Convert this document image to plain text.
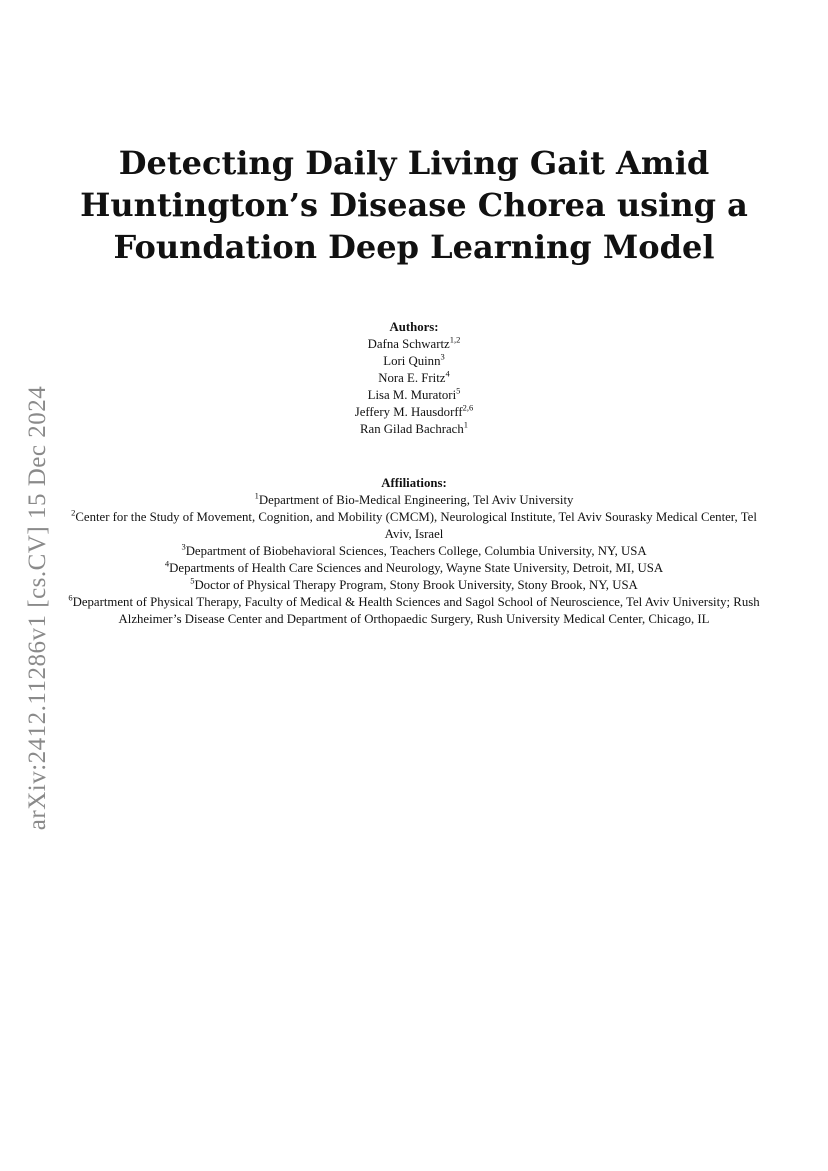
arXiv:2412.11286v1 [cs.CV] 15 Dec 2024
Detecting Daily Living Gait Amid
Huntington’s Disease Chorea using a
Foundation Deep Learning Model
Authors:
Dafna Schwartz$^{1,2}$
Lori Quinn$^3$
Nora E. Fritz$^4$
Lisa M. Muratori$^5$
Jeffery M. Hausdorff$^{2,6}$
Ran Gilad Bachrach$^1$
Affiliations:
$^1$Department of Bio-Medical Engineering, Tel Aviv University
$^2$Center for the Study of Movement, Cognition, and Mobility (CMCM), Neurological Institute, Tel Aviv Sourasky Medical Center, Tel Aviv, Israel
$^3$Department of Biobehavioral Sciences, Teachers College, Columbia University, NY, USA
$^4$Departments of Health Care Sciences and Neurology, Wayne State University, Detroit, MI, USA
$^5$Doctor of Physical Therapy Program, Stony Brook University, Stony Brook, NY, USA
$^6$Department of Physical Therapy, Faculty of Medical & Health Sciences and Sagol School of Neuroscience, Tel Aviv University; Rush Alzheimer’s Disease Center and Department of Orthopaedic Surgery, Rush University Medical Center, Chicago, IL
